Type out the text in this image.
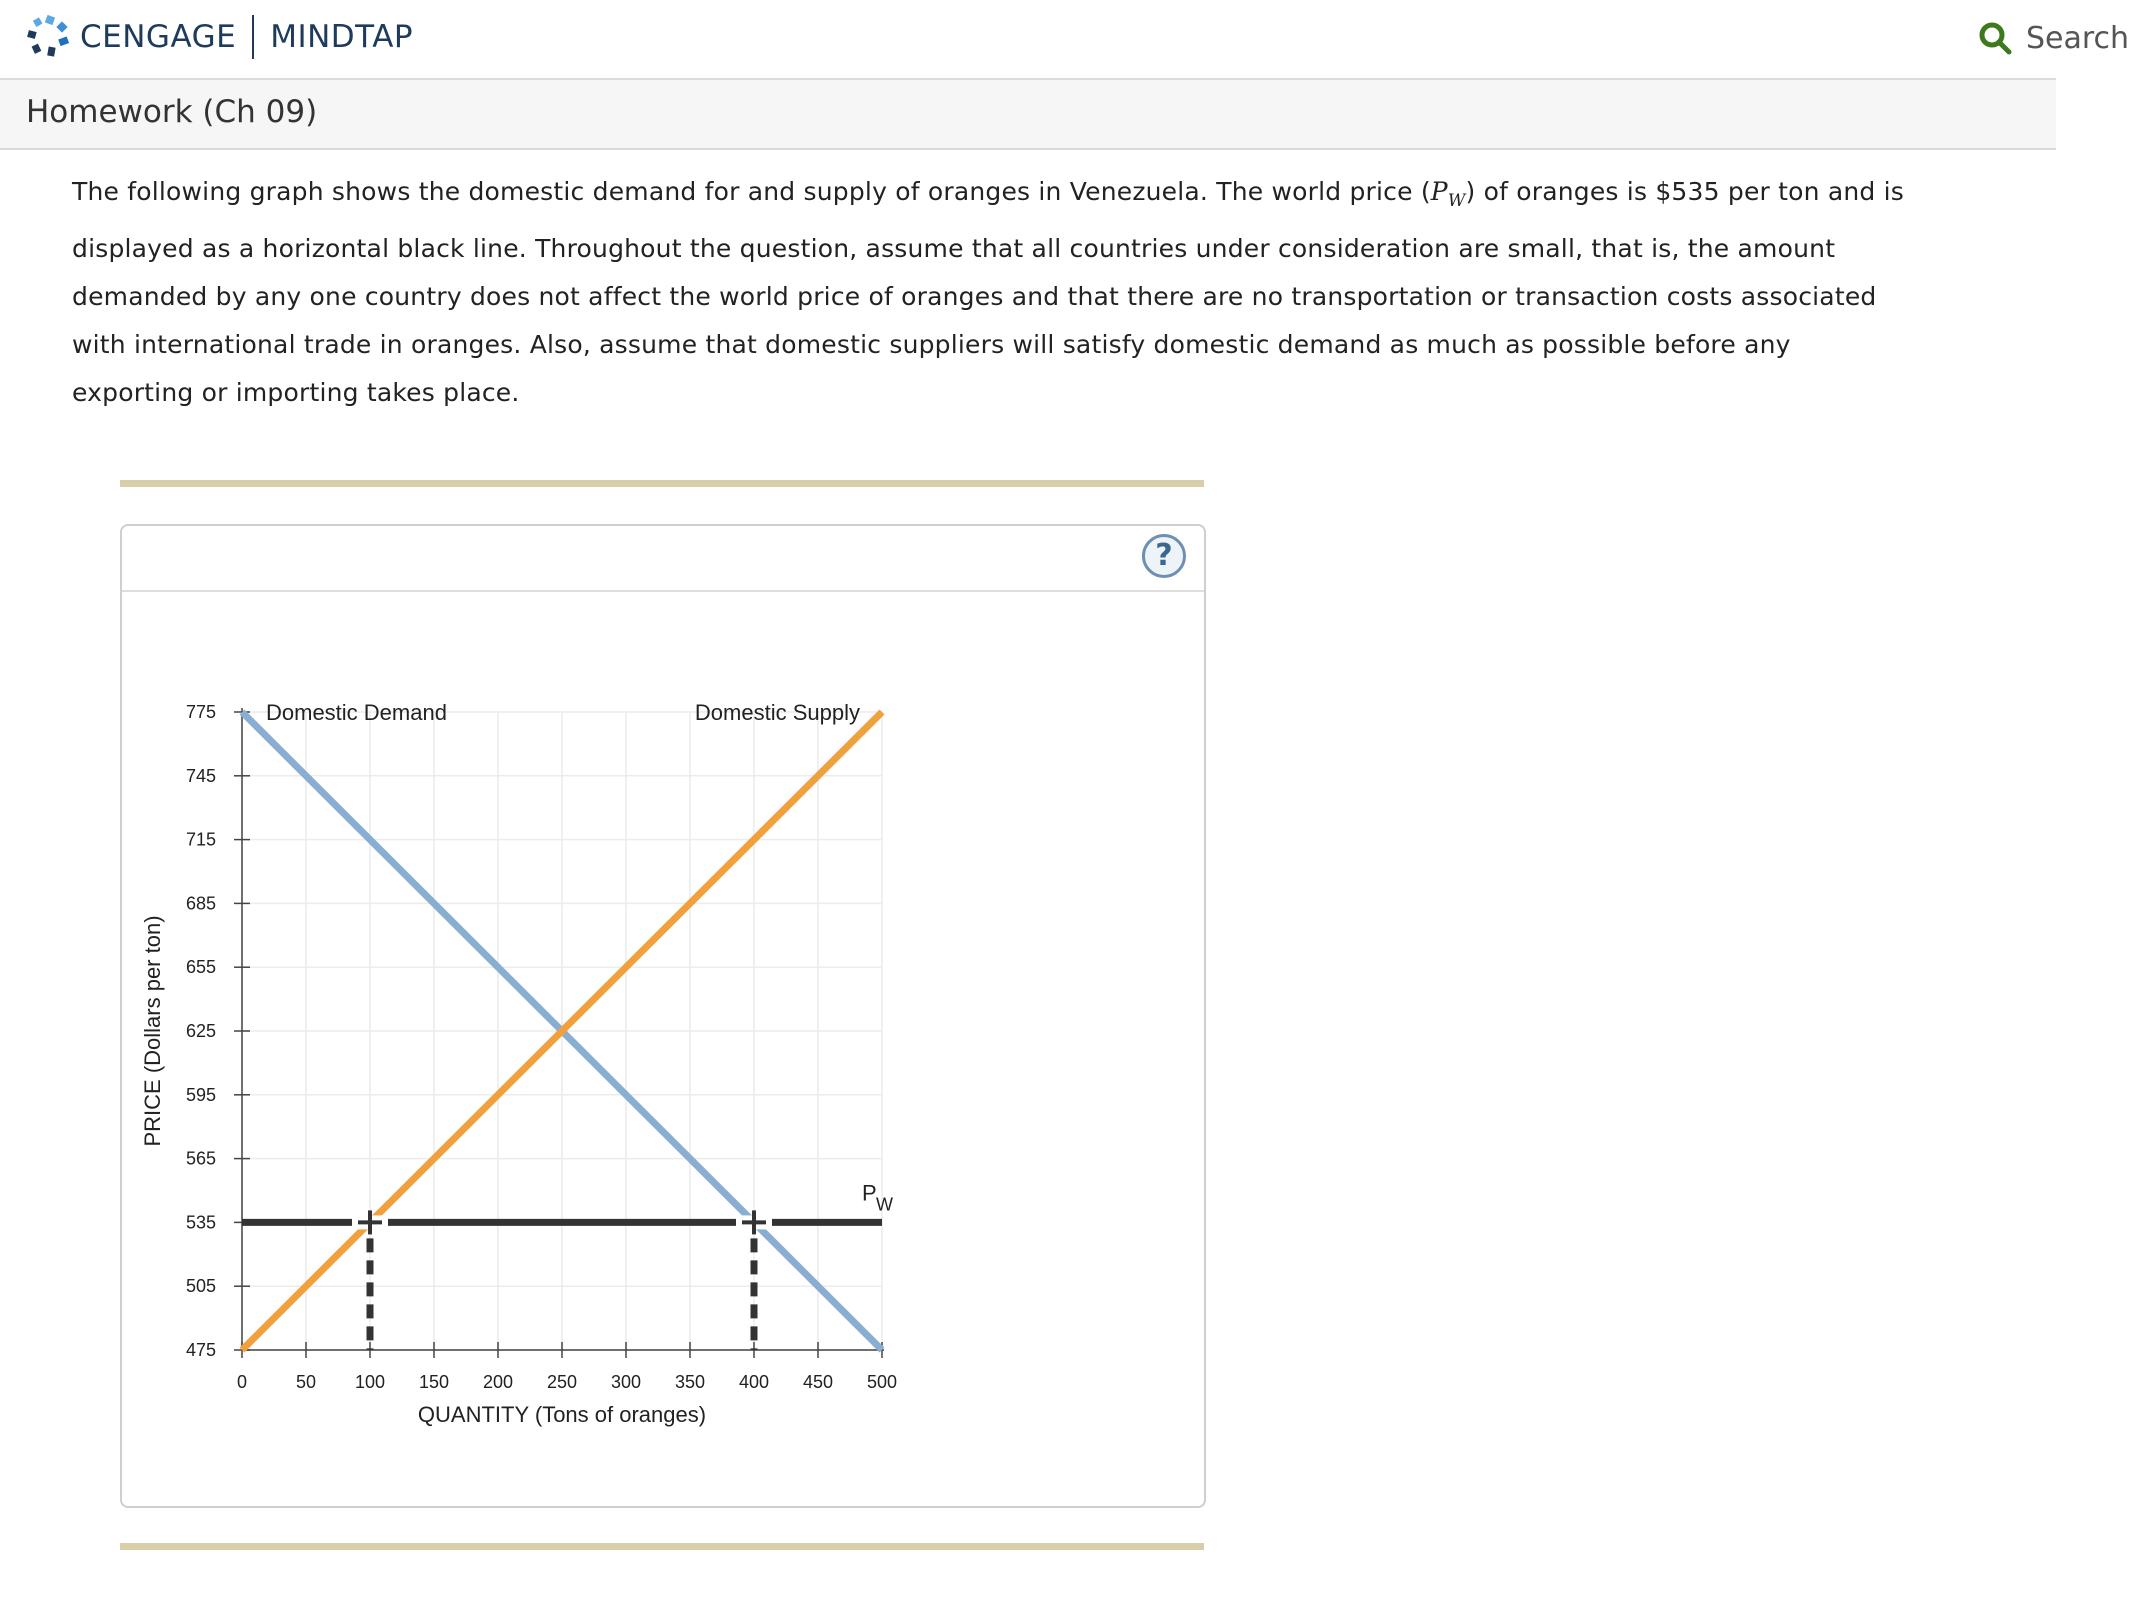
CENGAGE MINDTAP	Search
Homework (Ch 09)
The following graph shows the domestic demand for and supply of oranges in Venezuela. The world price $(P_W)$ of oranges is $535 per ton and is displayed as a horizontal black line. Throughout the question, assume that all countries under consideration are small, that is, the amount demanded by any one country does not affect the world price of oranges and that there are no transportation or transaction costs associated with international trade in oranges. Also, assume that domestic suppliers will satisfy domestic demand as much as possible before any exporting or importing takes place.
?
475
505
535
565
595
625
655
685
715
745
775
0	50 100 150 200 250 300 350 400 450 500
QUANTITY (Tons of oranges)
PRICE (Dollars per ton)
Domestic Demand	Domestic Supply
P W
